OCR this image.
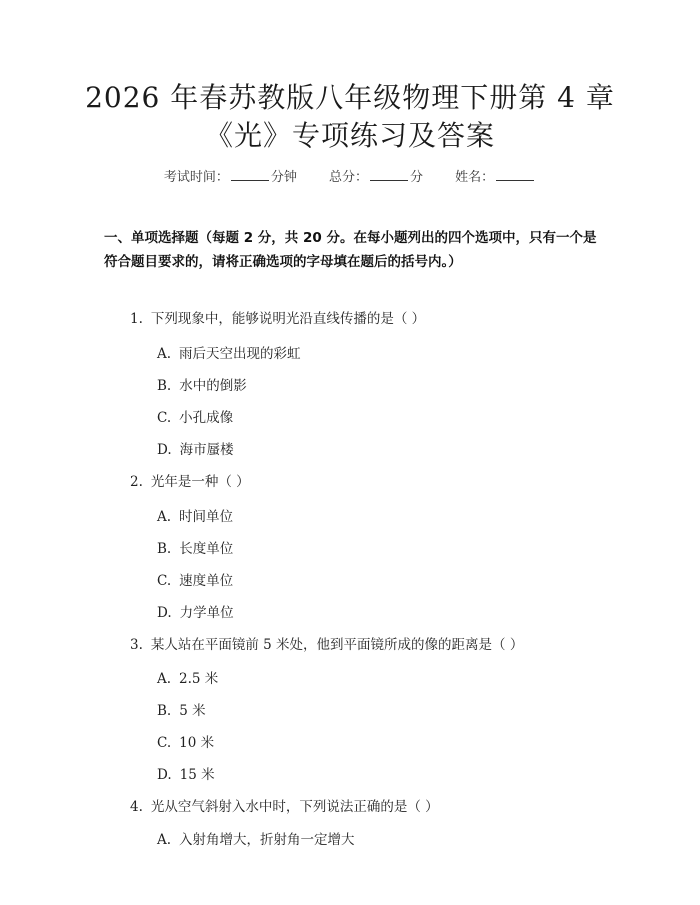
2026 年春苏教版八年级物理下册第 4 章
《光》专项练习及答案
考试时间：	分钟 总分：	分 姓名：
一、单项选择题（每题 2 分，共 20 分。在每小题列出的四个选项中，只有一个是符合题目要求的，请将正确选项的字母填在题后的括号内。）
1. 下列现象中，能够说明光沿直线传播的是（ ）
A. 雨后天空出现的彩虹
B. 水中的倒影
C. 小孔成像
D. 海市蜃楼
2. 光年是一种（ ）
A. 时间单位
B. 长度单位
C. 速度单位
D. 力学单位
3. 某人站在平面镜前 5 米处，他到平面镜所成的像的距离是（ ）
A. 2.5 米
B. 5 米
C. 10 米
D. 15 米
4. 光从空气斜射入水中时，下列说法正确的是（ ）
A. 入射角增大，折射角一定增大
